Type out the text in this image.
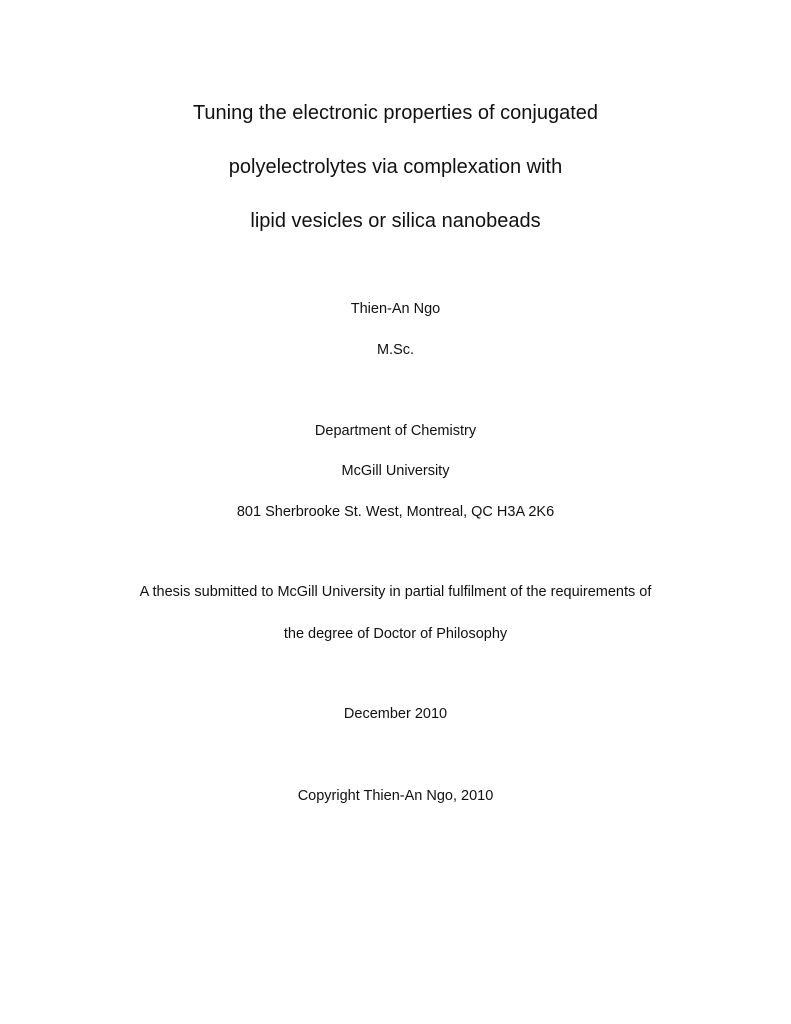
Tuning the electronic properties of conjugated
polyelectrolytes via complexation with
lipid vesicles or silica nanobeads
Thien-An Ngo
M.Sc.
Department of Chemistry
McGill University
801 Sherbrooke St. West, Montreal, QC H3A 2K6
A thesis submitted to McGill University in partial fulfilment of the requirements of
the degree of Doctor of Philosophy
December 2010
Copyright Thien-An Ngo, 2010
